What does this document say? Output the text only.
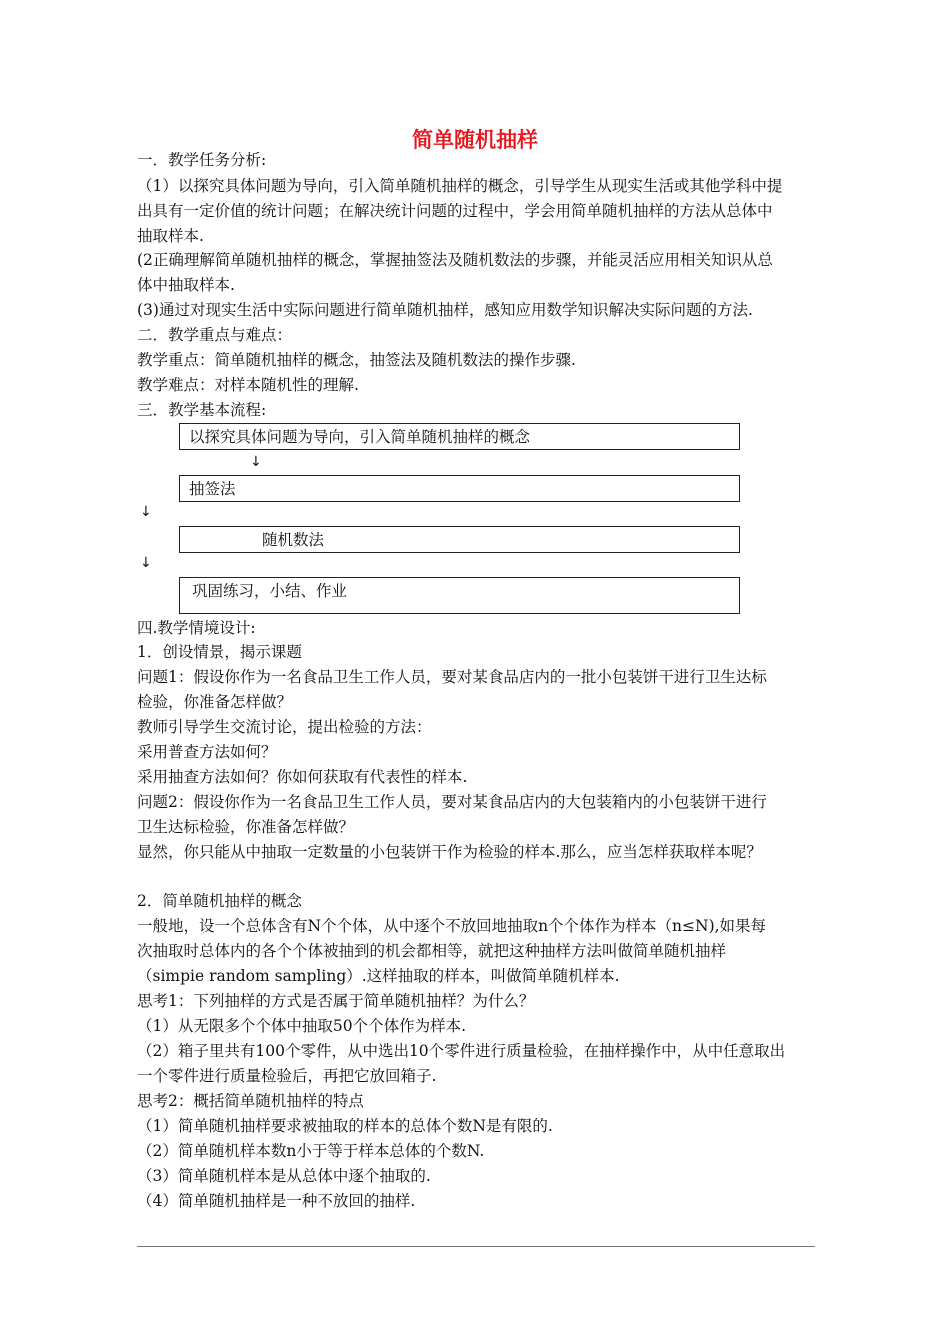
简单随机抽样
一．教学任务分析:
（1）以探究具体问题为导向，引入简单随机抽样的概念，引导学生从现实生活或其他学科中提
出具有一定价值的统计问题；在解决统计问题的过程中，学会用简单随机抽样的方法从总体中
抽取样本.
(2正确理解简单随机抽样的概念，掌握抽签法及随机数法的步骤，并能灵活应用相关知识从总
体中抽取样本.
(3)通过对现实生活中实际问题进行简单随机抽样，感知应用数学知识解决实际问题的方法.
二．教学重点与难点：
教学重点：简单随机抽样的概念，抽签法及随机数法的操作步骤.
教学难点：对样本随机性的理解.
三．教学基本流程:
以探究具体问题为导向，引入简单随机抽样的概念
↓
抽签法
↓
随机数法
↓
巩固练习，小结、作业
四.教学情境设计:
1．创设情景，揭示课题
问题1：假设你作为一名食品卫生工作人员，要对某食品店内的一批小包装饼干进行卫生达标
检验，你准备怎样做？
教师引导学生交流讨论，提出检验的方法：
采用普查方法如何？
采用抽查方法如何？你如何获取有代表性的样本.
问题2：假设你作为一名食品卫生工作人员，要对某食品店内的大包装箱内的小包装饼干进行
卫生达标检验，你准备怎样做？
显然，你只能从中抽取一定数量的小包装饼干作为检验的样本.那么，应当怎样获取样本呢？
2．简单随机抽样的概念
一般地，设一个总体含有N个个体，从中逐个不放回地抽取n个个体作为样本（n≤N),如果每
次抽取时总体内的各个个体被抽到的机会都相等，就把这种抽样方法叫做简单随机抽样
（simpie random sampling）.这样抽取的样本，叫做简单随机样本.
思考1：下列抽样的方式是否属于简单随机抽样？为什么？
（1）从无限多个个体中抽取50个个体作为样本.
（2）箱子里共有100个零件，从中选出10个零件进行质量检验，在抽样操作中，从中任意取出
一个零件进行质量检验后，再把它放回箱子.
思考2：概括简单随机抽样的特点
（1）简单随机抽样要求被抽取的样本的总体个数N是有限的.
（2）简单随机样本数n小于等于样本总体的个数N.
（3）简单随机样本是从总体中逐个抽取的.
（4）简单随机抽样是一种不放回的抽样.
